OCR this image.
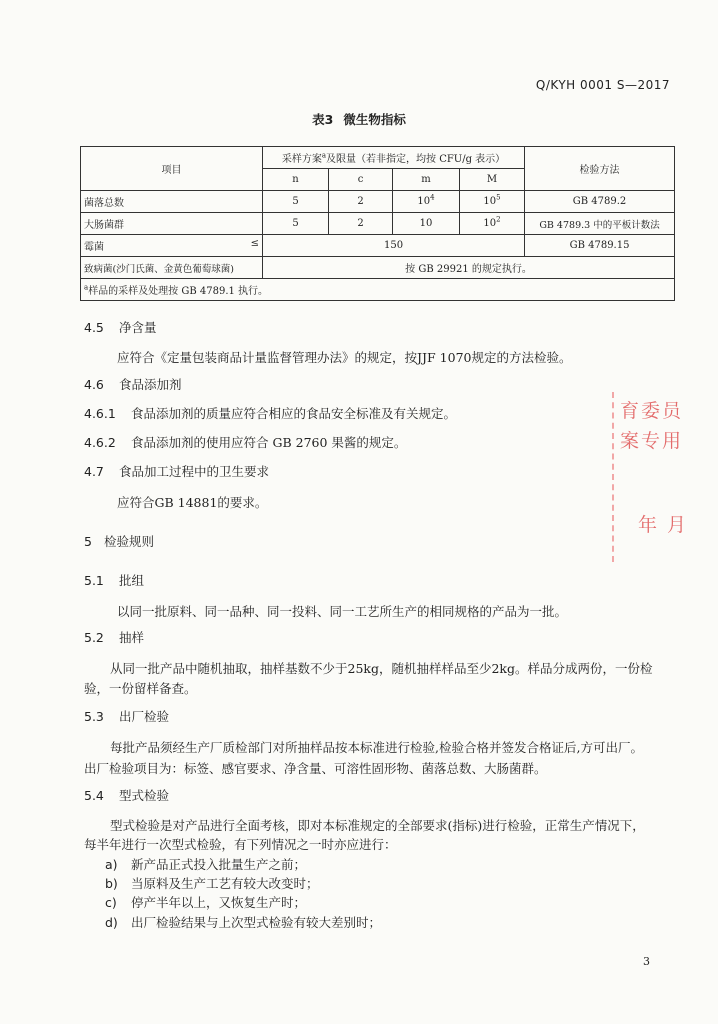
Q/KYH 0001 S—2017
表3 微生物指标
项目	采样方案$^a$及限量（若非指定，均按 CFU/g 表示）				检验方法
	n	c	m	M	
菌落总数	5	2	$10^4$	$10^5$	GB 4789.2
大肠菌群	5	2	10	$10^2$	GB 4789.3 中的平板计数法
霉菌 ≤	150				GB 4789.15
致病菌(沙门氏菌、金黄色葡萄球菌)	按 GB 29921 的规定执行。				
$^a$样品的采样及处理按 GB 4789.1 执行。					
4.5 净含量
应符合《定量包装商品计量监督管理办法》的规定，按JJF 1070规定的方法检验。
4.6 食品添加剂
4.6.1 食品添加剂的质量应符合相应的食品安全标准及有关规定。
4.6.2 食品添加剂的使用应符合 GB 2760 果酱的规定。
4.7 食品加工过程中的卫生要求
应符合GB 14881的要求。
5 检验规则
5.1 批组
以同一批原料、同一品种、同一投料、同一工艺所生产的相同规格的产品为一批。
5.2 抽样
从同一批产品中随机抽取，抽样基数不少于25kg，随机抽样样品至少2kg。样品分成两份，一份检
验，一份留样备查。
5.3 出厂检验
每批产品须经生产厂质检部门对所抽样品按本标准进行检验,检验合格并签发合格证后,方可出厂。
出厂检验项目为：标签、感官要求、净含量、可溶性固形物、菌落总数、大肠菌群。
5.4 型式检验
型式检验是对产品进行全面考核，即对本标准规定的全部要求(指标)进行检验，正常生产情况下，
每半年进行一次型式检验，有下列情况之一时亦应进行：
a) 新产品正式投入批量生产之前；
b) 当原料及生产工艺有较大改变时；
c) 停产半年以上，又恢复生产时；
d) 出厂检验结果与上次型式检验有较大差别时；
育委员
案专用
年 月
3
